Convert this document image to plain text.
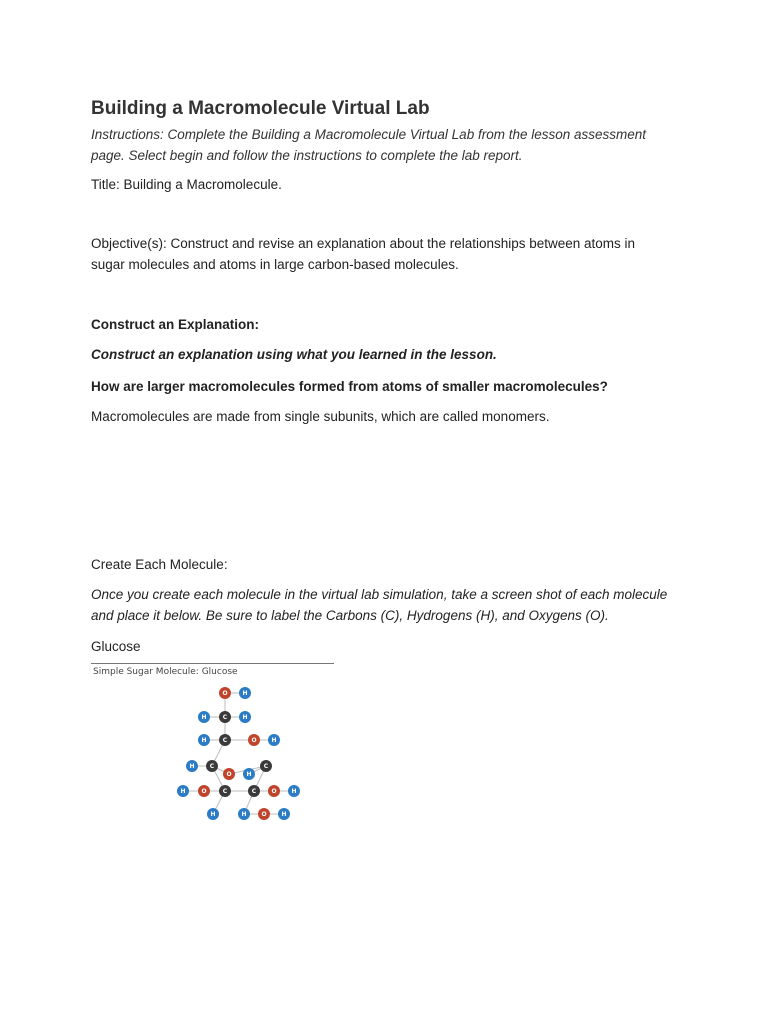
Building a Macromolecule Virtual Lab
Instructions: Complete the Building a Macromolecule Virtual Lab from the lesson assessment page. Select begin and follow the instructions to complete the lab report.
Title: Building a Macromolecule.
Objective(s): Construct and revise an explanation about the relationships between atoms in sugar molecules and atoms in large carbon-based molecules.
Construct an Explanation:
Construct an explanation using what you learned in the lesson.
How are larger macromolecules formed from atoms of smaller macromolecules?
Macromolecules are made from single subunits, which are called monomers.
Create Each Molecule:
Once you create each molecule in the virtual lab simulation, take a screen shot of each molecule and place it below. Be sure to label the Carbons (C), Hydrogens (H), and Oxygens (O).
Glucose
Simple Sugar Molecule: Glucose
O H
H	C	H
H	C	O H
H	C
O H
C
H	O	C	C	O H
H	H O H
